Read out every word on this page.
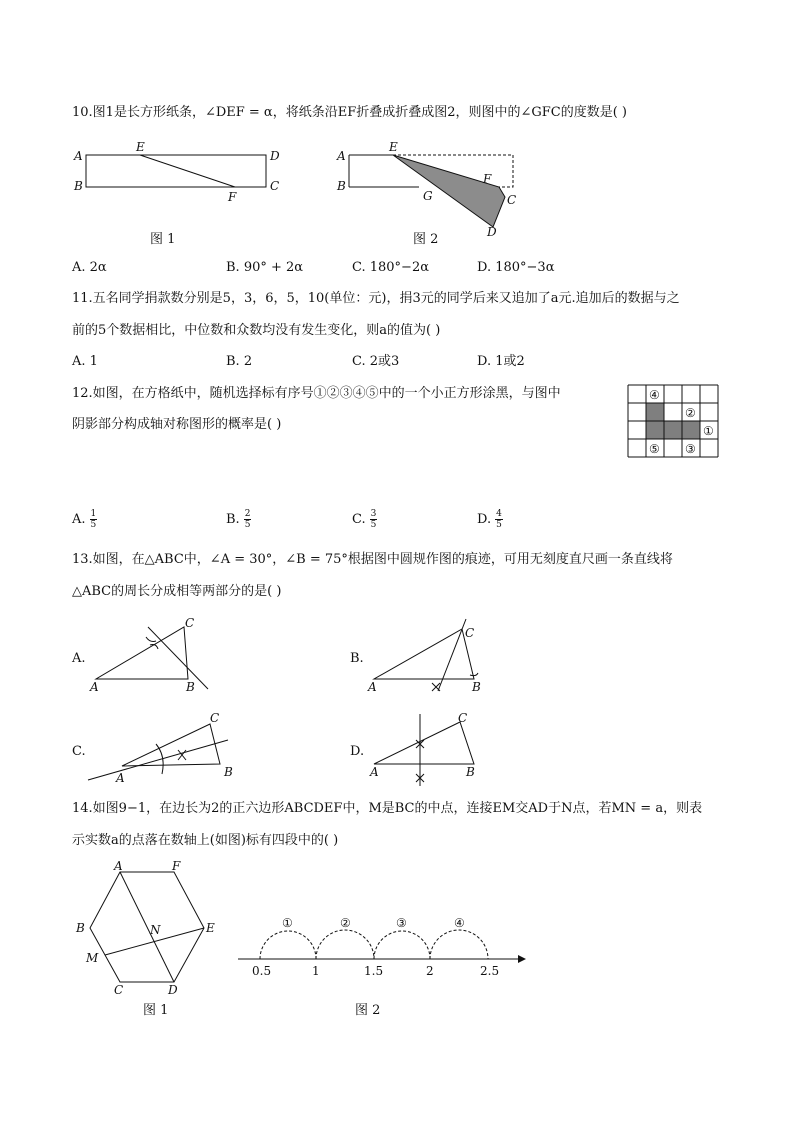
10.图1是长方形纸条，∠DEF = α，将纸条沿EF折叠成折叠成图2，则图中的∠GFC的度数是( )
A
E
D
B
F
C
图 1
A
E
B
G
F
C
D
图 2
A. 2α	B. 90° + 2α	C. 180°−2α	D. 180°−3α
11.五名同学捐款数分别是5，3，6，5，10(单位：元)，捐3元的同学后来又追加了a元.追加后的数据与之
前的5个数据相比，中位数和众数均没有发生变化，则a的值为( )
A. 1	B. 2	C. 2或3	D. 1或2
12.如图，在方格纸中，随机选择标有序号①②③④⑤中的一个小正方形涂黑，与图中
阴影部分构成轴对称图形的概率是( )
④
②
①
⑤ ③
A. $\frac{1}{5}$	B. $\frac{2}{5}$	C. $\frac{3}{5}$	D. $\frac{4}{5}$
13.如图，在△ABC中，∠A = 30°，∠B = 75°根据图中圆规作图的痕迹，可用无刻度直尺画一条直线将
△ABC的周长分成相等两部分的是( )
A.
A	B
C
B.
A	B
C
C.
A	B
C
D.
A	B
C
14.如图9−1，在边长为2的正六边形ABCDEF中，M是BC的中点，连接EM交AD于N点，若MN = a，则表
示实数a的点落在数轴上(如图)标有四段中的( )
A	F
B	N	E
M
C	D
图 1
①	②	③	④
0.5	1	1.5	2	2.5
图 2
